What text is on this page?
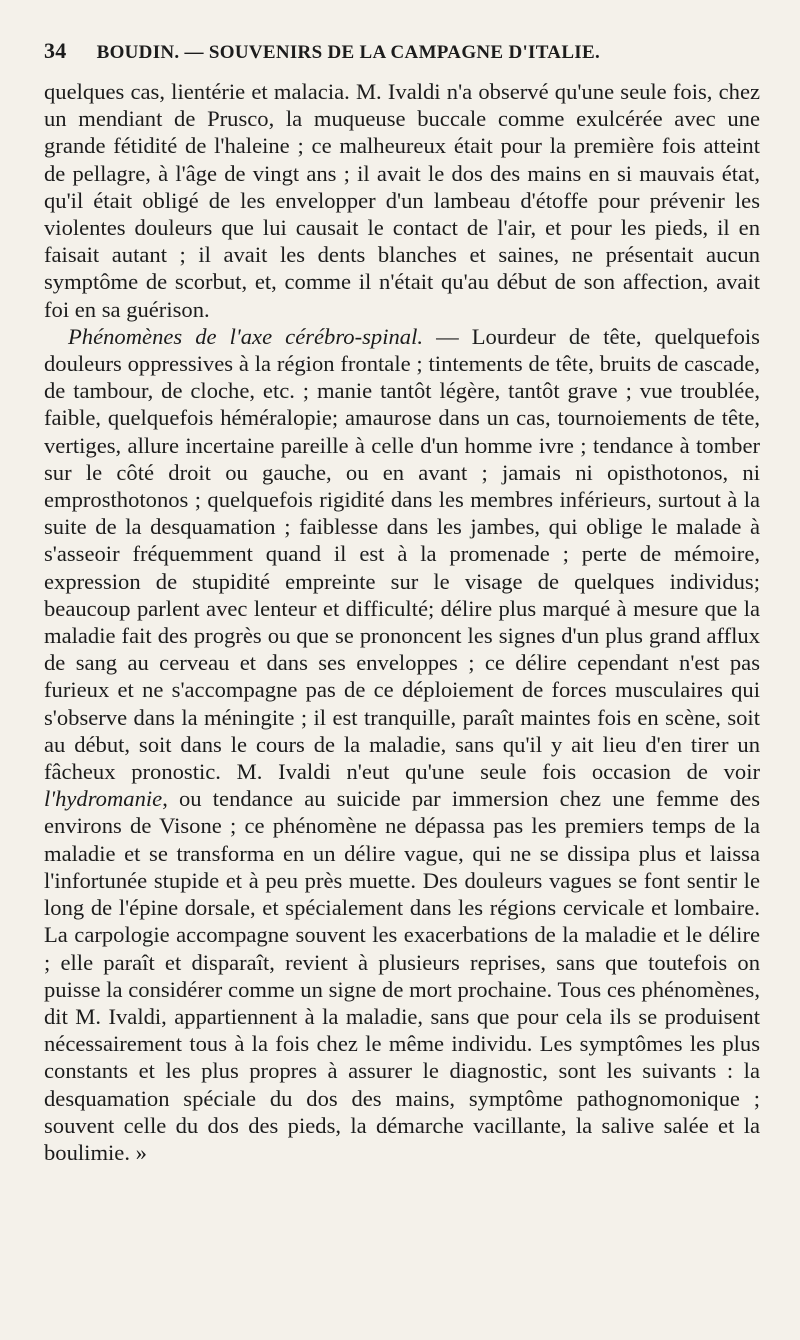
34 BOUDIN. — SOUVENIRS DE LA CAMPAGNE D'ITALIE.

quelques cas, lientérie et malacia. M. Ivaldi n'a observé qu'une seule fois, chez un mendiant de Prusco, la muqueuse buccale comme exulcérée avec une grande fétidité de l'haleine ; ce malheureux était pour la première fois atteint de pellagre, à l'âge de vingt ans ; il avait le dos des mains en si mauvais état, qu'il était obligé de les envelopper d'un lambeau d'étoffe pour prévenir les violentes douleurs que lui causait le contact de l'air, et pour les pieds, il en faisait autant ; il avait les dents blanches et saines, ne présentait aucun symptôme de scorbut, et, comme il n'était qu'au début de son affection, avait foi en sa guérison.

Phénomènes de l'axe cérébro-spinal. — Lourdeur de tête, quelquefois douleurs oppressives à la région frontale ; tintements de tête, bruits de cascade, de tambour, de cloche, etc. ; manie tantôt légère, tantôt grave ; vue troublée, faible, quelquefois héméralopie; amaurose dans un cas, tournoiements de tête, vertiges, allure incertaine pareille à celle d'un homme ivre ; tendance à tomber sur le côté droit ou gauche, ou en avant ; jamais ni opisthotonos, ni emprosthotonos ; quelquefois rigidité dans les membres inférieurs, surtout à la suite de la desquamation ; faiblesse dans les jambes, qui oblige le malade à s'asseoir fréquemment quand il est à la promenade ; perte de mémoire, expression de stupidité empreinte sur le visage de quelques individus; beaucoup parlent avec lenteur et difficulté; délire plus marqué à mesure que la maladie fait des progrès ou que se prononcent les signes d'un plus grand afflux de sang au cerveau et dans ses enveloppes ; ce délire cependant n'est pas furieux et ne s'accompagne pas de ce déploiement de forces musculaires qui s'observe dans la méningite ; il est tranquille, paraît maintes fois en scène, soit au début, soit dans le cours de la maladie, sans qu'il y ait lieu d'en tirer un fâcheux pronostic. M. Ivaldi n'eut qu'une seule fois occasion de voir l'hydromanie, ou tendance au suicide par immersion chez une femme des environs de Visone ; ce phénomène ne dépassa pas les premiers temps de la maladie et se transforma en un délire vague, qui ne se dissipa plus et laissa l'infortunée stupide et à peu près muette. Des douleurs vagues se font sentir le long de l'épine dorsale, et spécialement dans les régions cervicale et lombaire. La carpologie accompagne souvent les exacerbations de la maladie et le délire ; elle paraît et disparaît, revient à plusieurs reprises, sans que toutefois on puisse la considérer comme un signe de mort prochaine. Tous ces phénomènes, dit M. Ivaldi, appartiennent à la maladie, sans que pour cela ils se produisent nécessairement tous à la fois chez le même individu. Les symptômes les plus constants et les plus propres à assurer le diagnostic, sont les suivants : la desquamation spéciale du dos des mains, symptôme pathognomonique ; souvent celle du dos des pieds, la démarche vacillante, la salive salée et la boulimie. »
